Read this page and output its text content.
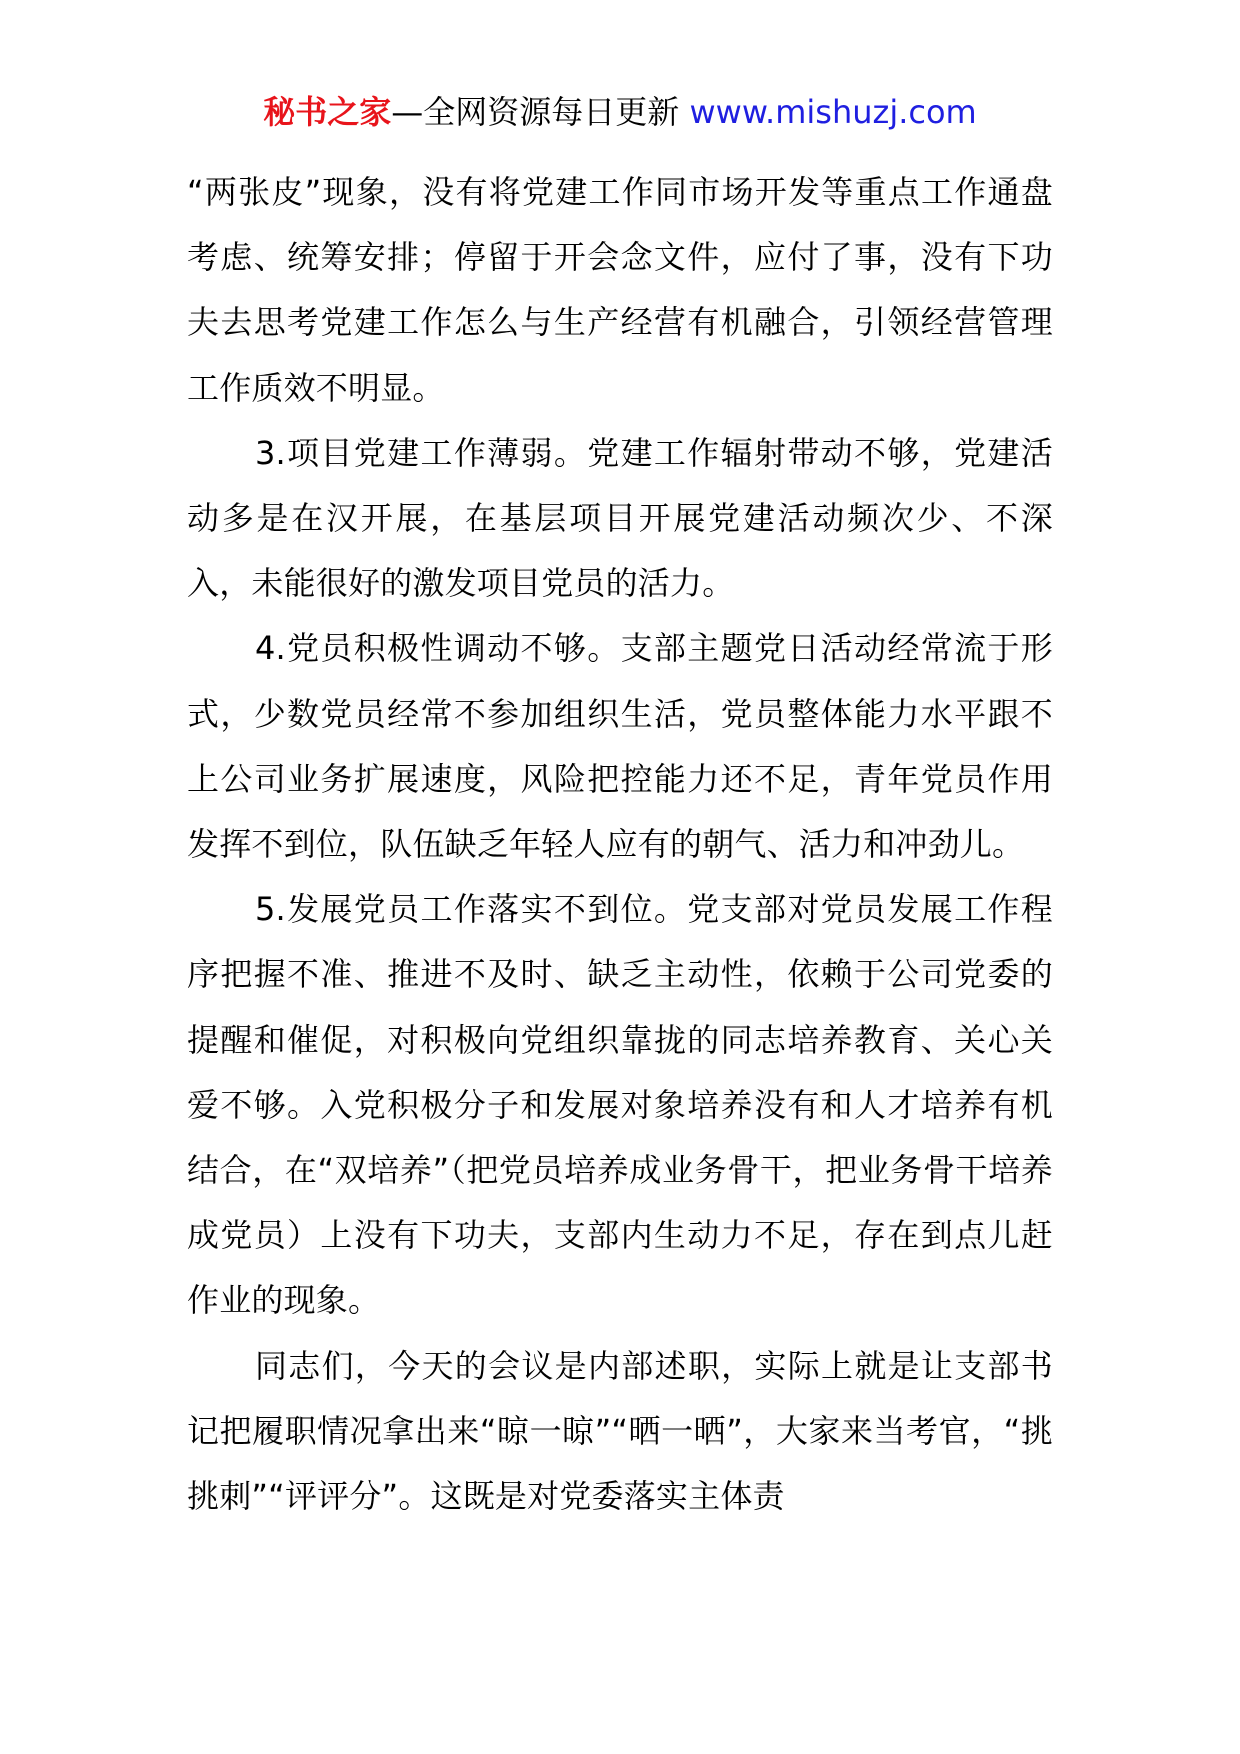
秘书之家—全网资源每日更新 www.mishuzj.com

“两张皮”现象，没有将党建工作同市场开发等重点工作通盘考虑、统筹安排；停留于开会念文件，应付了事，没有下功夫去思考党建工作怎么与生产经营有机融合，引领经营管理工作质效不明显。

3.项目党建工作薄弱。党建工作辐射带动不够，党建活动多是在汉开展，在基层项目开展党建活动频次少、不深入，未能很好的激发项目党员的活力。

4.党员积极性调动不够。支部主题党日活动经常流于形式，少数党员经常不参加组织生活，党员整体能力水平跟不上公司业务扩展速度，风险把控能力还不足，青年党员作用发挥不到位，队伍缺乏年轻人应有的朝气、活力和冲劲儿。

5.发展党员工作落实不到位。党支部对党员发展工作程序把握不准、推进不及时、缺乏主动性，依赖于公司党委的提醒和催促，对积极向党组织靠拢的同志培养教育、关心关爱不够。入党积极分子和发展对象培养没有和人才培养有机结合，在“双培养”（把党员培养成业务骨干，把业务骨干培养成党员）上没有下功夫，支部内生动力不足，存在到点儿赶作业的现象。

同志们，今天的会议是内部述职，实际上就是让支部书记把履职情况拿出来“晾一晾”“晒一晒”，大家来当考官，“挑挑刺”“评评分”。这既是对党委落实主体责
